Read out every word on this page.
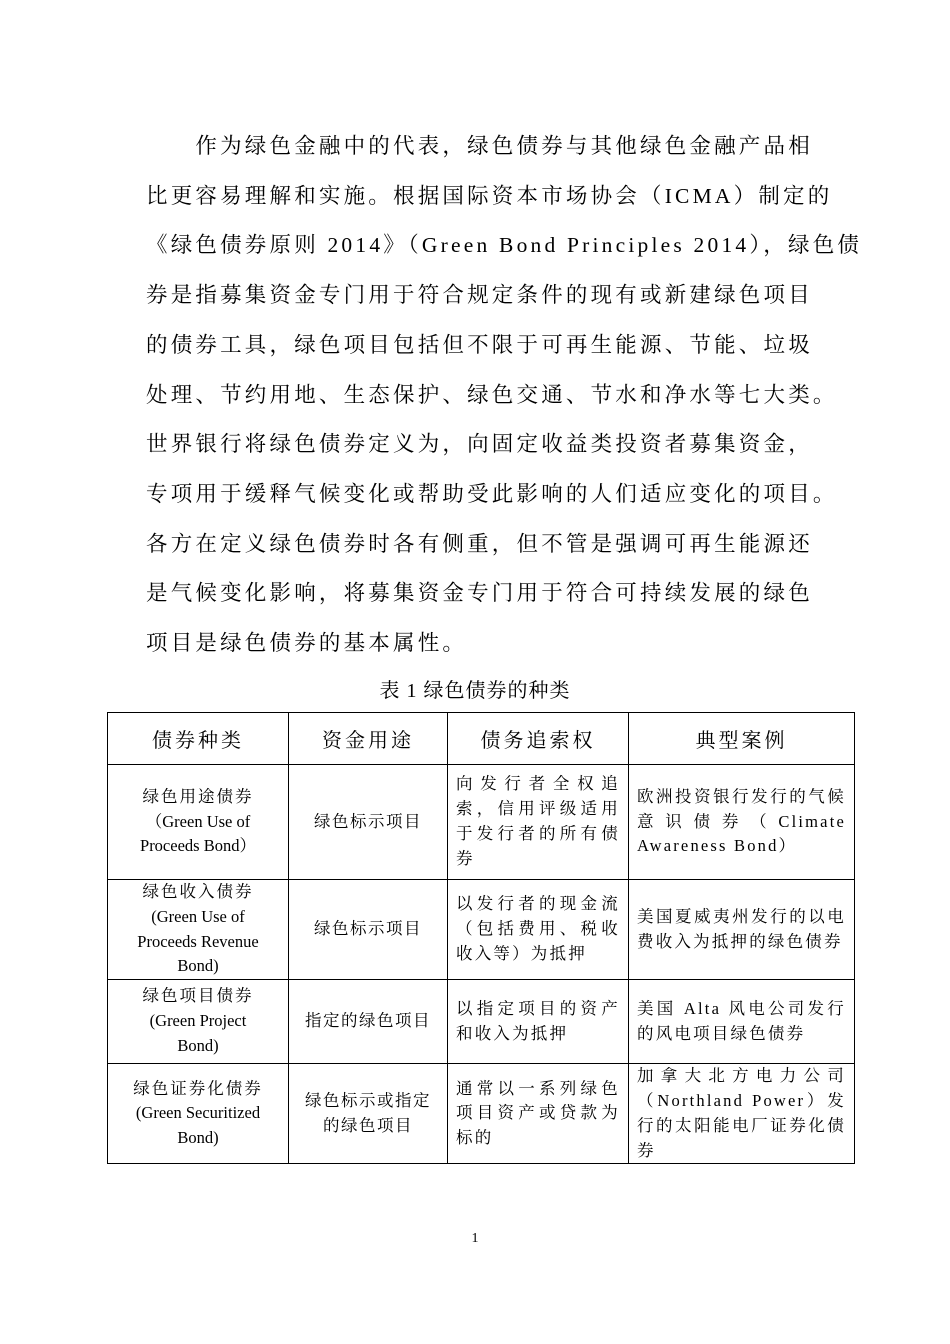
　　作为绿色金融中的代表，绿色债券与其他绿色金融产品相
比更容易理解和实施。根据国际资本市场协会（ICMA）制定的
《绿色债券原则 2014》（Green Bond Principles 2014），绿色债
券是指募集资金专门用于符合规定条件的现有或新建绿色项目
的债券工具，绿色项目包括但不限于可再生能源、节能、垃圾
处理、节约用地、生态保护、绿色交通、节水和净水等七大类。
世界银行将绿色债券定义为，向固定收益类投资者募集资金，
专项用于缓释气候变化或帮助受此影响的人们适应变化的项目。
各方在定义绿色债券时各有侧重，但不管是强调可再生能源还
是气候变化影响，将募集资金专门用于符合可持续发展的绿色
项目是绿色债券的基本属性。

表 1 绿色债券的种类

债券种类	资金用途	债务追索权	典型案例

绿色用途债券
（Green Use of Proceeds Bond）	绿色标示项目	向发行者全权追索，信用评级适用于发行者的所有债券	欧洲投资银行发行的气候意识债券（Climate Awareness Bond）

绿色收入债券
(Green Use of Proceeds Revenue Bond)	绿色标示项目	以发行者的现金流（包括费用、税收收入等）为抵押	美国夏威夷州发行的以电费收入为抵押的绿色债券

绿色项目债券
(Green Project Bond)	指定的绿色项目	以指定项目的资产和收入为抵押	美国 Alta 风电公司发行的风电项目绿色债券

绿色证券化债券
(Green Securitized Bond)	绿色标示或指定的绿色项目	通常以一系列绿色项目资产或贷款为标的	加拿大北方电力公司（Northland Power）发行的太阳能电厂证券化债券
1
